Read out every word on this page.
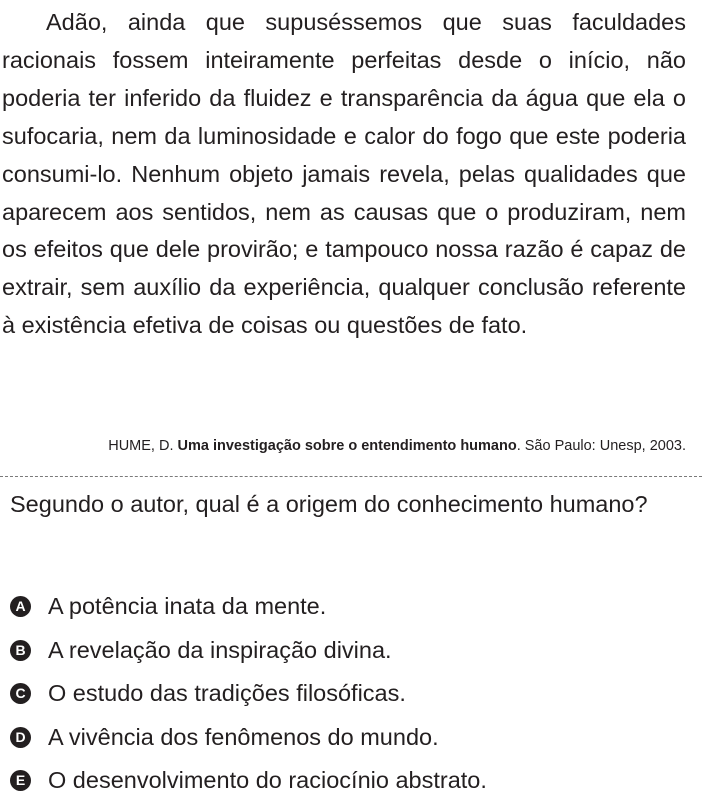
Adão, ainda que supuséssemos que suas faculdades racionais fossem inteiramente perfeitas desde o início, não poderia ter inferido da fluidez e transparência da água que ela o sufocaria, nem da luminosidade e calor do fogo que este poderia consumi-lo. Nenhum objeto jamais revela, pelas qualidades que aparecem aos sentidos, nem as causas que o produziram, nem os efeitos que dele provirão; e tampouco nossa razão é capaz de extrair, sem auxílio da experiência, qualquer conclusão referente à existência efetiva de coisas ou questões de fato.

HUME, D. Uma investigação sobre o entendimento humano. São Paulo: Unesp, 2003.

Segundo o autor, qual é a origem do conhecimento humano?

A A potência inata da mente.
B A revelação da inspiração divina.
C O estudo das tradições filosóficas.
D A vivência dos fenômenos do mundo.
E O desenvolvimento do raciocínio abstrato.
